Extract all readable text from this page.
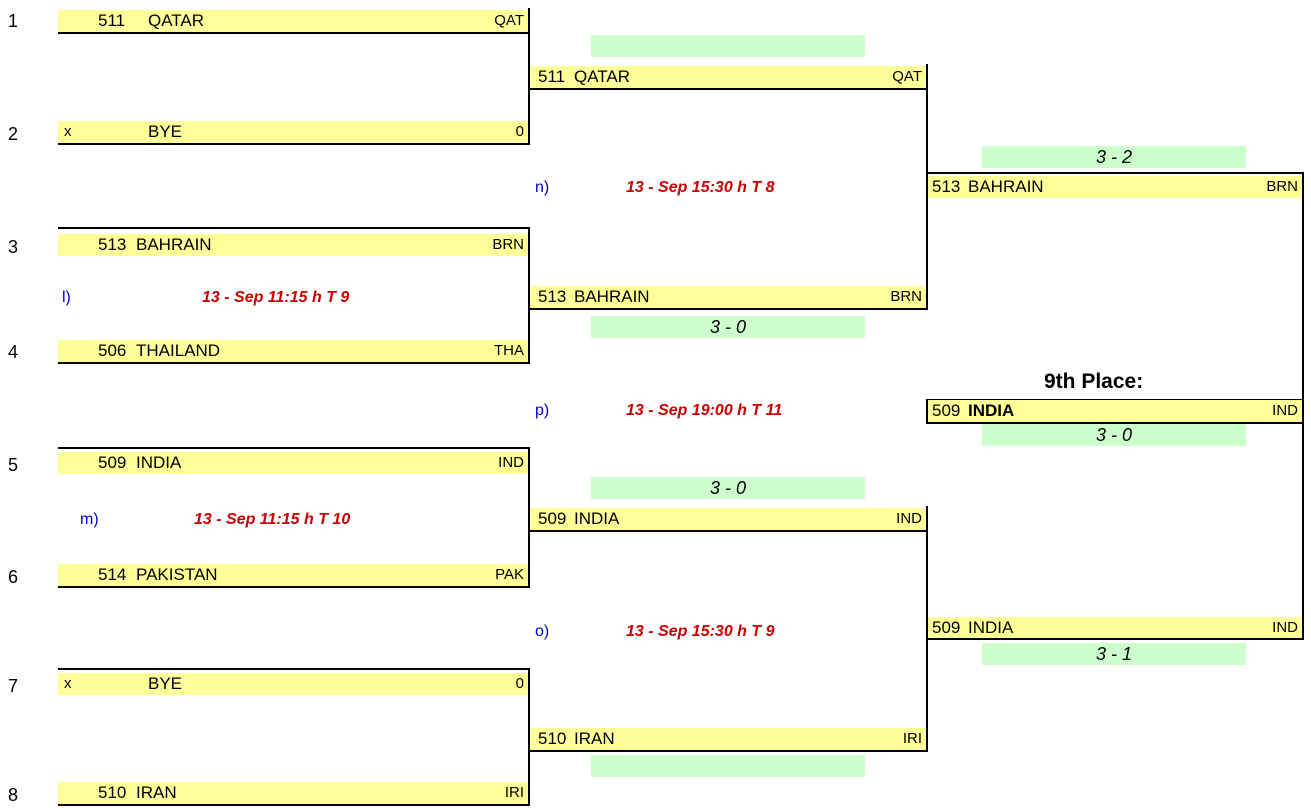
1
2
3
4
5
6
7
8
511 QATAR	QAT
x	BYE	0
513 BAHRAIN	BRN
506 THAILAND	THA
509 INDIA	IND
514 PAKISTAN	PAK
x	BYE	0
510 IRAN	IRI
l)	13 - Sep 11:15 h T 9
m)	13 - Sep 11:15 h T 10
3 - 0
3 - 0
511 QATAR	QAT
513 BAHRAIN	BRN
509 INDIA	IND
510 IRAN	IRI
n)	13 - Sep 15:30 h T 8
o)	13 - Sep 15:30 h T 9
p)	13 - Sep 19:00 h T 11
3 - 2
513 BAHRAIN	BRN
509 INDIA	IND
3 - 1
9th Place:
509 INDIA	IND
3 - 0
